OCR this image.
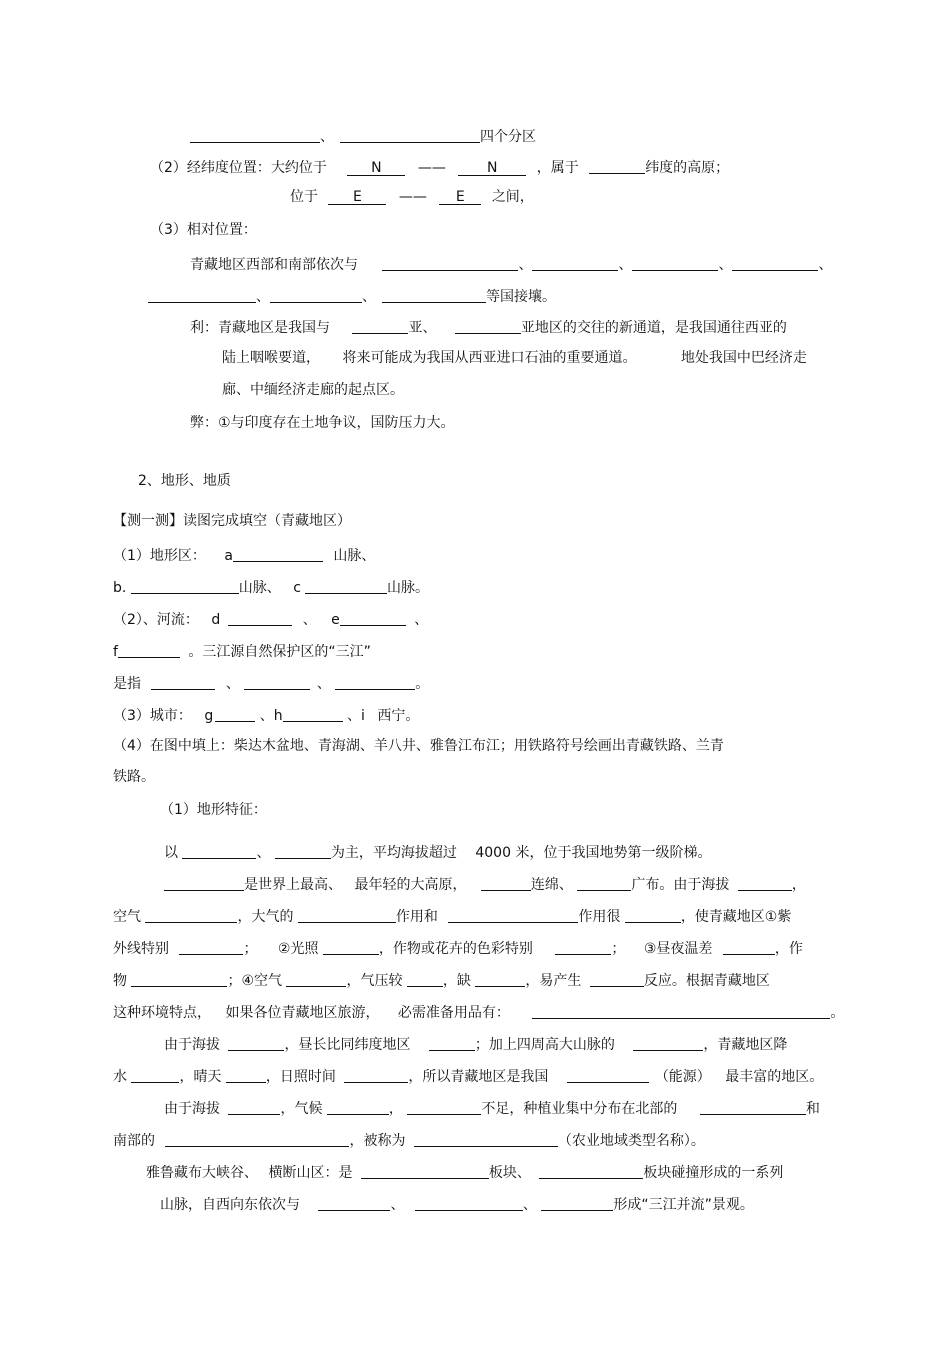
、	四个分区
（2）经纬度位置：大约位于	N	——	N	，属于	纬度的高原；
位于	E	—— E 之间，
（3）相对位置：
青藏地区西部和南部依次与	、	、	、	、
、	、	等国接壤。
利：青藏地区是我国与	亚、	亚地区的交往的新通道，是我国通往西亚的
陆上咽喉要道， 将来可能成为我国从西亚进口石油的重要通道。	地处我国中巴经济走
廊、中缅经济走廊的起点区。
弊：①与印度存在土地争议，国防压力大。
2、地形、地质
【测一测】读图完成填空（青藏地区）
（1）地形区： a	山脉、
b.	山脉、 c	山脉。
（2）、河流： d	、 e	、
f	。三江源自然保护区的“三江”
是指	、	、	。
（3）城市： g	、h	、i 西宁。
（4）在图中填上：柴达木盆地、青海湖、羊八井、雅鲁江布江；用铁路符号绘画出青藏铁路、兰青
铁路。
（1）地形特征：
以	、	为主，平均海拔超过 4000 米，位于我国地势第一级阶梯。
是世界上最高、 最年轻的大高原，	连绵、	广布。由于海拔	，
空气	，大气的	作用和	作用很	，使青藏地区①紫
外线特别	； ②光照	，作物或花卉的色彩特别	； ③昼夜温差	，作
物	；④空气	，气压较	，缺	，易产生	反应。根据青藏地区
这种环境特点， 如果各位青藏地区旅游， 必需准备用品有：	。
由于海拔	，昼长比同纬度地区	；加上四周高大山脉的	，青藏地区降
水	，晴天	，日照时间	，所以青藏地区是我国	（能源） 最丰富的地区。
由于海拔	，气候	，	不足，种植业集中分布在北部的	和
南部的	，被称为	（农业地域类型名称）。
雅鲁藏布大峡谷、 横断山区：是	板块、	板块碰撞形成的一系列
山脉，自西向东依次与	、	、	形成“三江并流”景观。
